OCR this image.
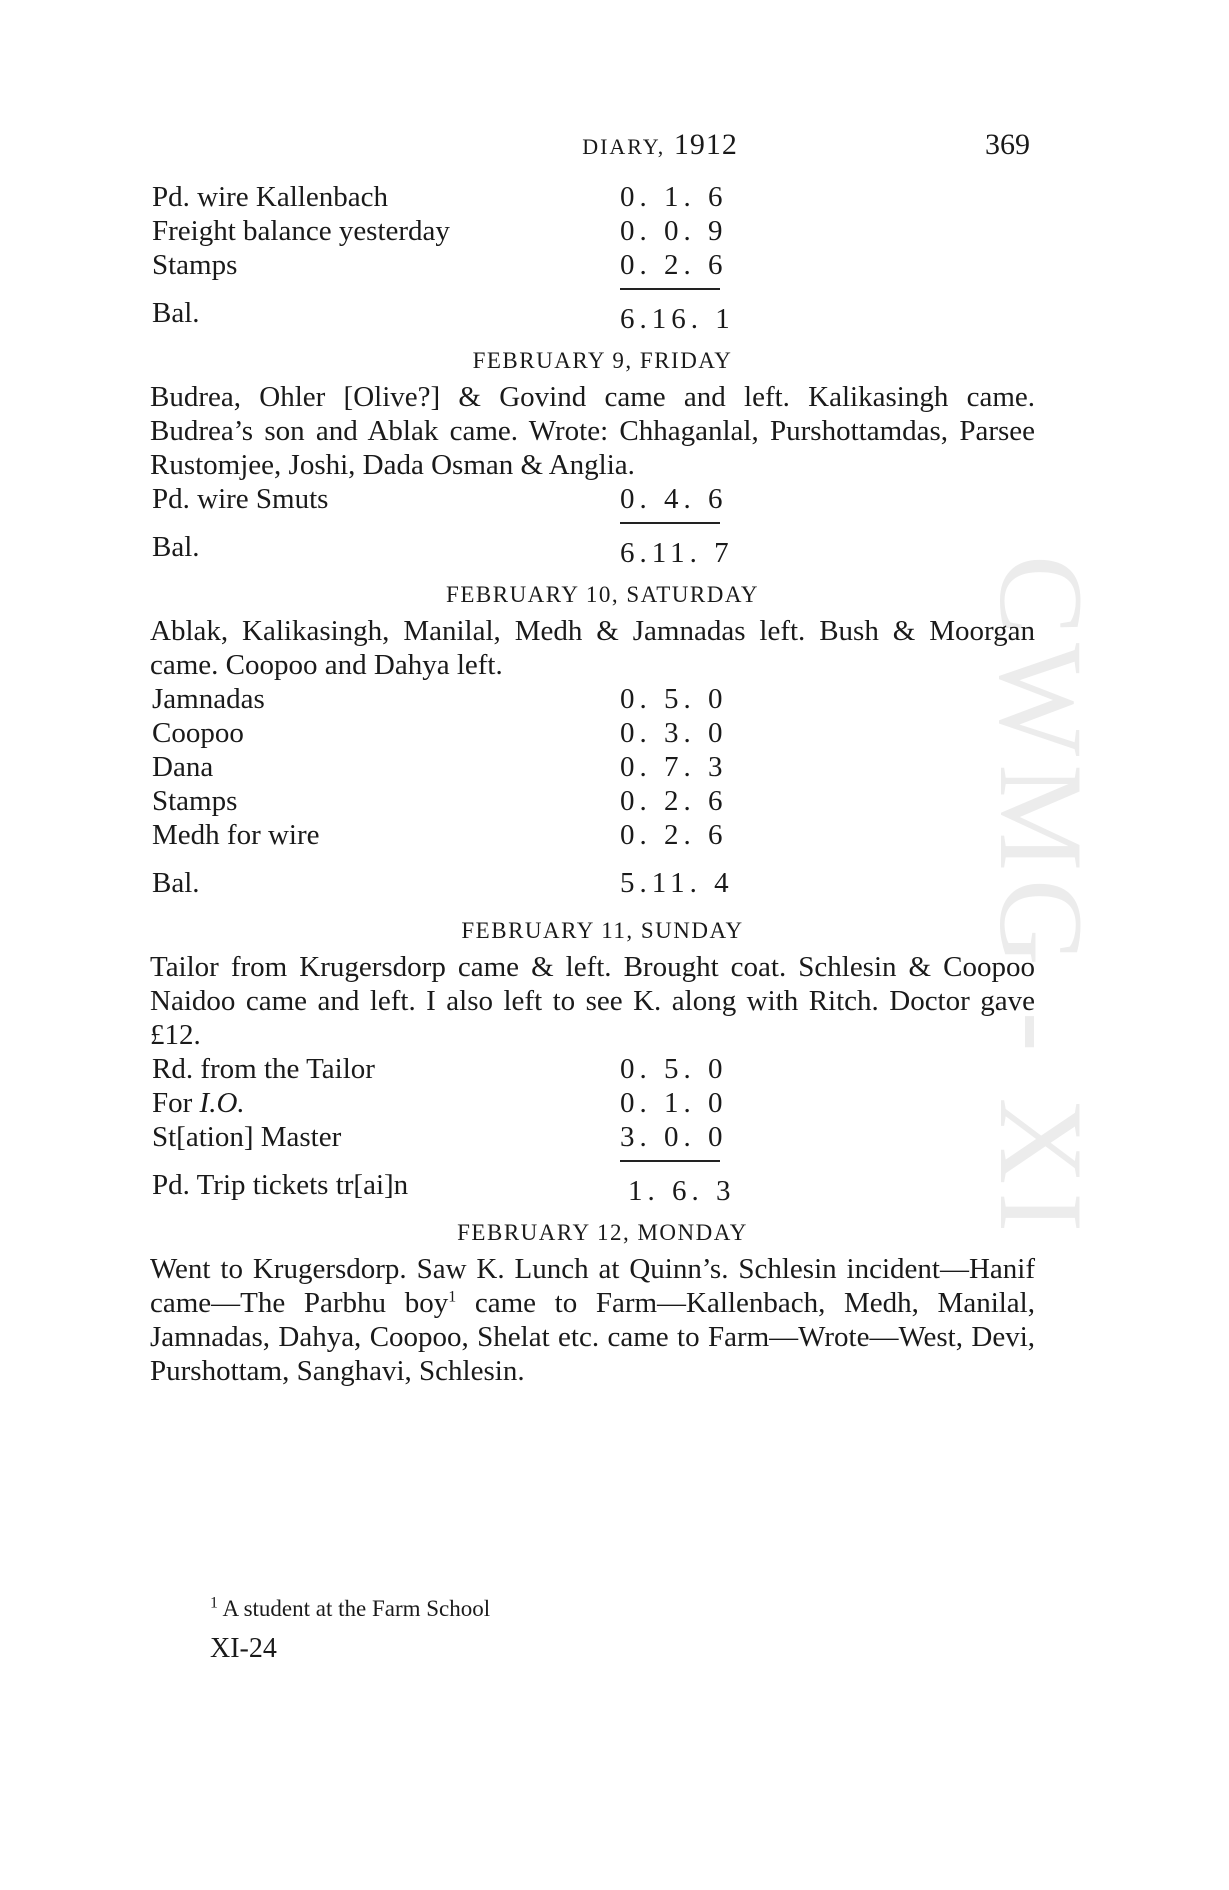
CWMG - XI
DIARY, 1912	369
Pd. wire Kallenbach	0. 1. 6
Freight balance yesterday	0. 0. 9
Stamps	0. 2. 6
Bal.	6.16. 1
FEBRUARY 9, FRIDAY
Budrea, Ohler [Olive?] & Govind came and left. Kalikasingh came. Budrea’s son and Ablak came. Wrote: Chhaganlal, Purshottamdas, Parsee Rustomjee, Joshi, Dada Osman & Anglia.
Pd. wire Smuts	0. 4. 6
Bal.	6.11. 7
FEBRUARY 10, SATURDAY
Ablak, Kalikasingh, Manilal, Medh & Jamnadas left. Bush & Moorgan came. Coopoo and Dahya left.
Jamnadas	0. 5. 0
Coopoo	0. 3. 0
Dana	0. 7. 3
Stamps	0. 2. 6
Medh for wire	0. 2. 6
Bal.	5.11. 4
FEBRUARY 11, SUNDAY
Tailor from Krugersdorp came & left. Brought coat. Schlesin & Coopoo Naidoo came and left. I also left to see K. along with Ritch. Doctor gave £12.
Rd. from the Tailor	0. 5. 0
For I.O.	0. 1. 0
St[ation] Master	3. 0. 0
Pd. Trip tickets tr[ai]n	1. 6. 3
FEBRUARY 12, MONDAY
Went to Krugersdorp. Saw K. Lunch at Quinn’s. Schlesin incident—Hanif came—The Parbhu boy$^1$ came to Farm—Kallenbach, Medh, Manilal, Jamnadas, Dahya, Coopoo, Shelat etc. came to Farm—Wrote—West, Devi, Purshottam, Sanghavi, Schlesin.
$^1$ A student at the Farm School
XI-24
